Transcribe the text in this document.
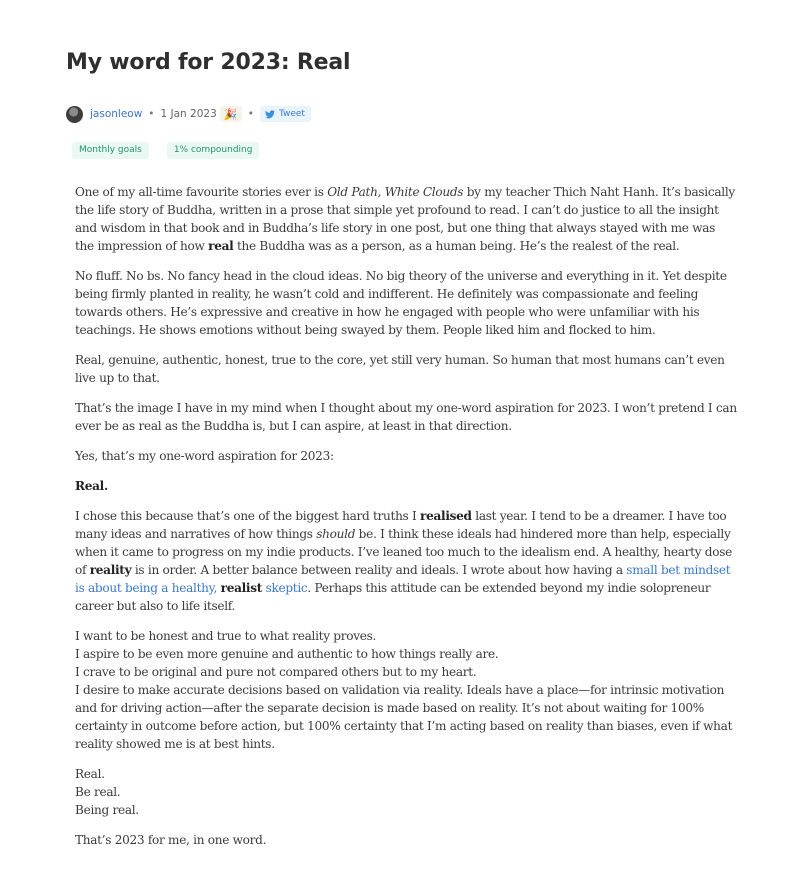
My word for 2023: Real
jasonleow • 1 Jan 2023 🎉 •	Tweet
Monthly goals	1% compounding

One of my all-time favourite stories ever is Old Path, White Clouds by my teacher Thich Naht Hanh. It’s basically the life story of Buddha, written in a prose that simple yet profound to read. I can’t do justice to all the insight and wisdom in that book and in Buddha’s life story in one post, but one thing that always stayed with me was the impression of how real the Buddha was as a person, as a human being. He’s the realest of the real.

No fluff. No bs. No fancy head in the cloud ideas. No big theory of the universe and everything in it. Yet despite being firmly planted in reality, he wasn’t cold and indifferent. He definitely was compassionate and feeling towards others. He’s expressive and creative in how he engaged with people who were unfamiliar with his teachings. He shows emotions without being swayed by them. People liked him and flocked to him.

Real, genuine, authentic, honest, true to the core, yet still very human. So human that most humans can’t even live up to that.

That’s the image I have in my mind when I thought about my one-word aspiration for 2023. I won’t pretend I can ever be as real as the Buddha is, but I can aspire, at least in that direction.

Yes, that’s my one-word aspiration for 2023:

Real.

I chose this because that’s one of the biggest hard truths I realised last year. I tend to be a dreamer. I have too many ideas and narratives of how things should be. I think these ideals had hindered more than help, especially when it came to progress on my indie products. I’ve leaned too much to the idealism end. A healthy, hearty dose of reality is in order. A better balance between reality and ideals. I wrote about how having a small bet mindset is about being a healthy, realist skeptic. Perhaps this attitude can be extended beyond my indie solopreneur career but also to life itself.

I want to be honest and true to what reality proves.
I aspire to be even more genuine and authentic to how things really are.
I crave to be original and pure not compared others but to my heart.
I desire to make accurate decisions based on validation via reality. Ideals have a place—for intrinsic motivation and for driving action—after the separate decision is made based on reality. It’s not about waiting for 100% certainty in outcome before action, but 100% certainty that I’m acting based on reality than biases, even if what reality showed me is at best hints.

Real.
Be real.
Being real.

That’s 2023 for me, in one word.
